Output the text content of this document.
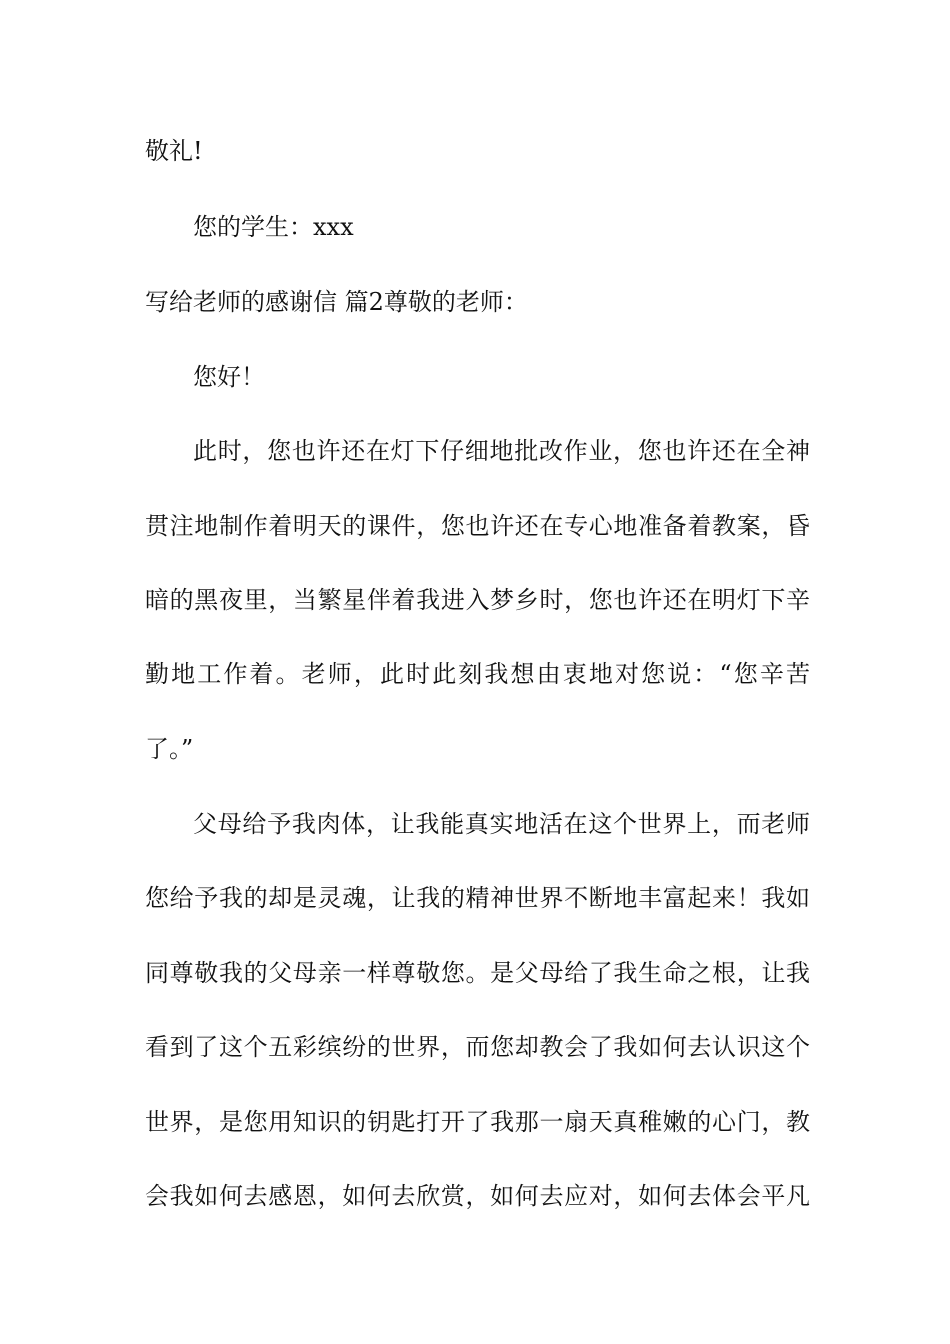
敬礼!
您的学生：xxx
写给老师的感谢信 篇2尊敬的老师：
您好！
此时，您也许还在灯下仔细地批改作业，您也许还在全神
贯注地制作着明天的课件，您也许还在专心地准备着教案，昏
暗的黑夜里，当繁星伴着我进入梦乡时，您也许还在明灯下辛
勤地工作着。老师，此时此刻我想由衷地对您说：“您辛苦
了。”
父母给予我肉体，让我能真实地活在这个世界上，而老师
您给予我的却是灵魂，让我的精神世界不断地丰富起来！我如
同尊敬我的父母亲一样尊敬您。是父母给了我生命之根，让我
看到了这个五彩缤纷的世界，而您却教会了我如何去认识这个
世界，是您用知识的钥匙打开了我那一扇天真稚嫩的心门，教
会我如何去感恩，如何去欣赏，如何去应对，如何去体会平凡
